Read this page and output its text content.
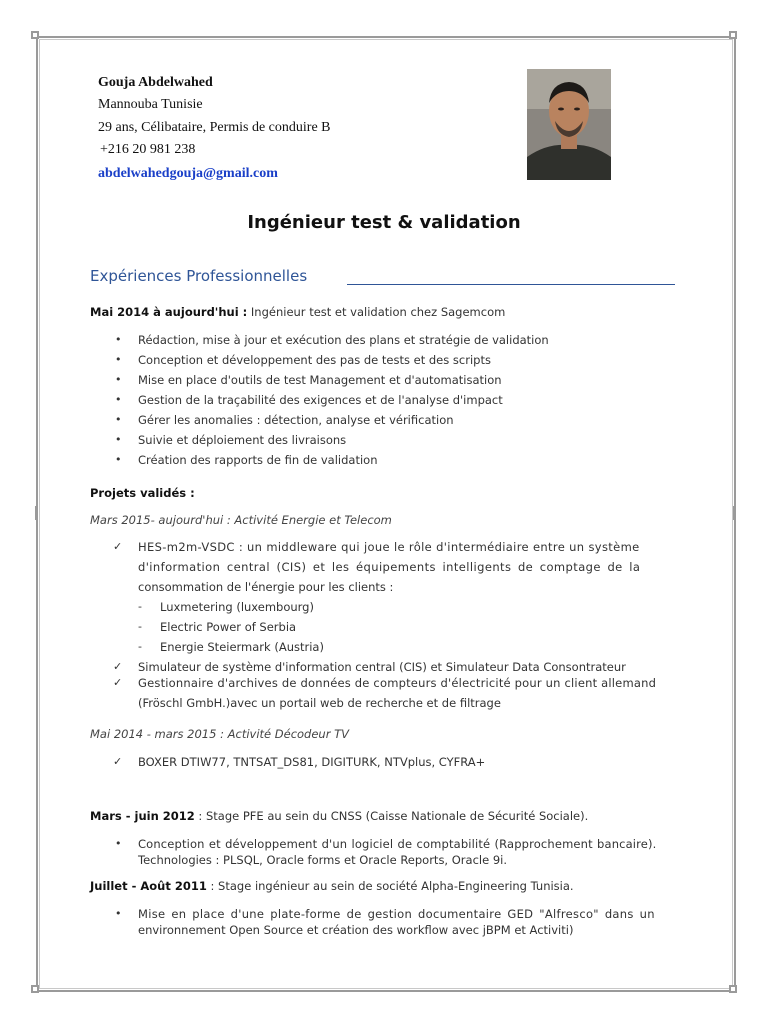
Gouja Abdelwahed
Mannouba Tunisie
29 ans, Célibataire, Permis de conduire B
+216 20 981 238
abdelwahedgouja@gmail.com
Ingénieur test & validation
Expériences Professionnelles
Mai 2014 à aujourd'hui : Ingénieur test et validation chez Sagemcom
• Rédaction, mise à jour et exécution des plans et stratégie de validation
• Conception et développement des pas de tests et des scripts
• Mise en place d'outils de test Management et d'automatisation
• Gestion de la traçabilité des exigences et de l'analyse d'impact
• Gérer les anomalies : détection, analyse et vérification
• Suivie et déploiement des livraisons
• Création des rapports de fin de validation
Projets validés :
Mars 2015- aujourd'hui : Activité Energie et Telecom
✓ HES-m2m-VSDC : un middleware qui joue le rôle d'intermédiaire entre un système
d'information central (CIS) et les équipements intelligents de comptage de la
consommation de l'énergie pour les clients :
- Luxmetering (luxembourg)
- Electric Power of Serbia
- Energie Steiermark (Austria)
✓ Simulateur de système d'information central (CIS) et Simulateur Data Consontrateur
✓ Gestionnaire d'archives de données de compteurs d'électricité pour un client allemand
(Fröschl GmbH.)avec un portail web de recherche et de filtrage
Mai 2014 - mars 2015 : Activité Décodeur TV
✓ BOXER DTIW77, TNTSAT_DS81, DIGITURK, NTVplus, CYFRA+
Mars - juin 2012 : Stage PFE au sein du CNSS (Caisse Nationale de Sécurité Sociale).
• Conception et développement d'un logiciel de comptabilité (Rapprochement bancaire).
Technologies : PLSQL, Oracle forms et Oracle Reports, Oracle 9i.
Juillet - Août 2011 : Stage ingénieur au sein de société Alpha-Engineering Tunisia.
• Mise en place d'une plate-forme de gestion documentaire GED "Alfresco" dans un
environnement Open Source et création des workflow avec jBPM et Activiti)
